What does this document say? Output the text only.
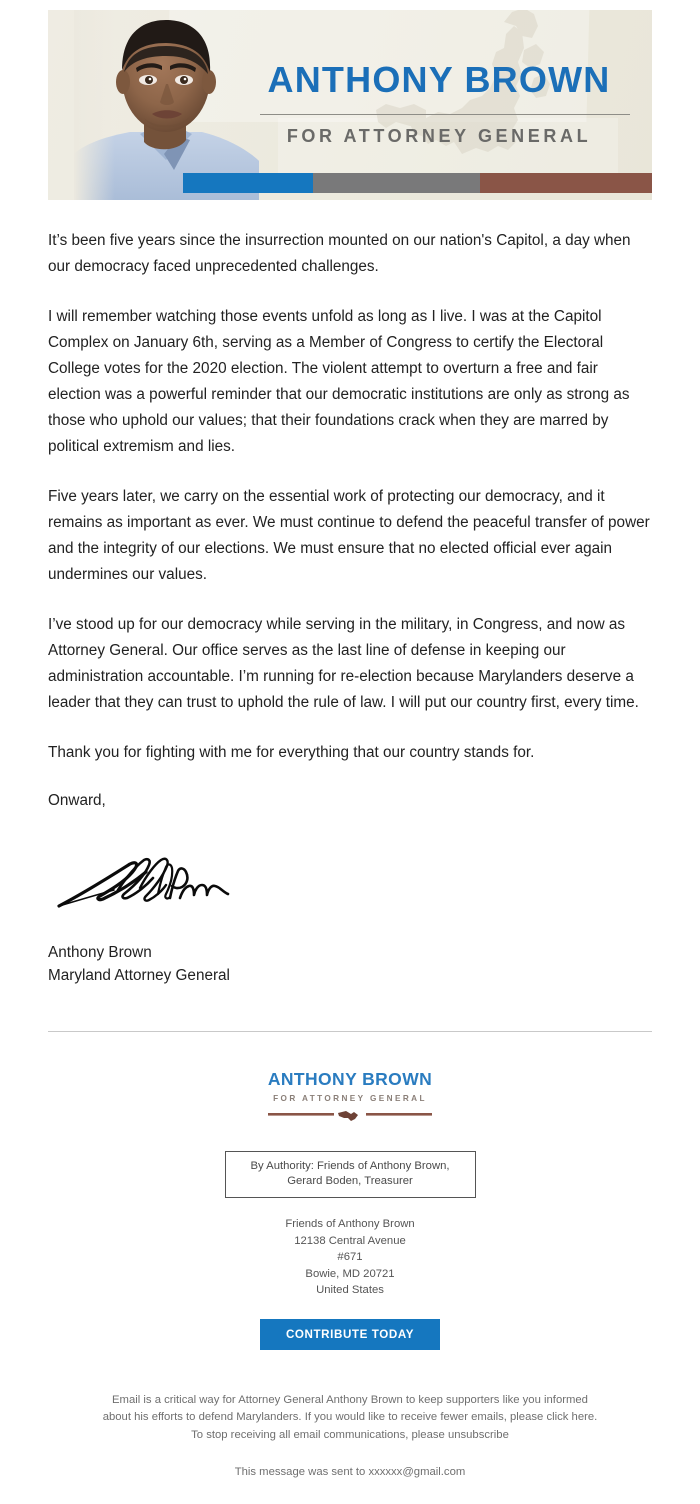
ANTHONY BROWN
FOR ATTORNEY GENERAL

It’s been five years since the insurrection mounted on our nation's Capitol, a day when our democracy faced unprecedented challenges.

I will remember watching those events unfold as long as I live. I was at the Capitol Complex on January 6th, serving as a Member of Congress to certify the Electoral College votes for the 2020 election. The violent attempt to overturn a free and fair election was a powerful reminder that our democratic institutions are only as strong as those who uphold our values; that their foundations crack when they are marred by political extremism and lies.

Five years later, we carry on the essential work of protecting our democracy, and it remains as important as ever. We must continue to defend the peaceful transfer of power and the integrity of our elections. We must ensure that no elected official ever again undermines our values.

I’ve stood up for our democracy while serving in the military, in Congress, and now as Attorney General. Our office serves as the last line of defense in keeping our administration accountable. I’m running for re-election because Marylanders deserve a leader that they can trust to uphold the rule of law. I will put our country first, every time.

Thank you for fighting with me for everything that our country stands for.

Onward,

Anthony Brown
Maryland Attorney General
ANTHONY BROWN
FOR ATTORNEY GENERAL
By Authority: Friends of Anthony Brown,
Gerard Boden, Treasurer
Friends of Anthony Brown
12138 Central Avenue
#671
Bowie, MD 20721
United States
CONTRIBUTE TODAY
Email is a critical way for Attorney General Anthony Brown to keep supporters like you informed
about his efforts to defend Marylanders. If you would like to receive fewer emails, please click here.
To stop receiving all email communications, please unsubscribe
This message was sent to xxxxxx@gmail.com
